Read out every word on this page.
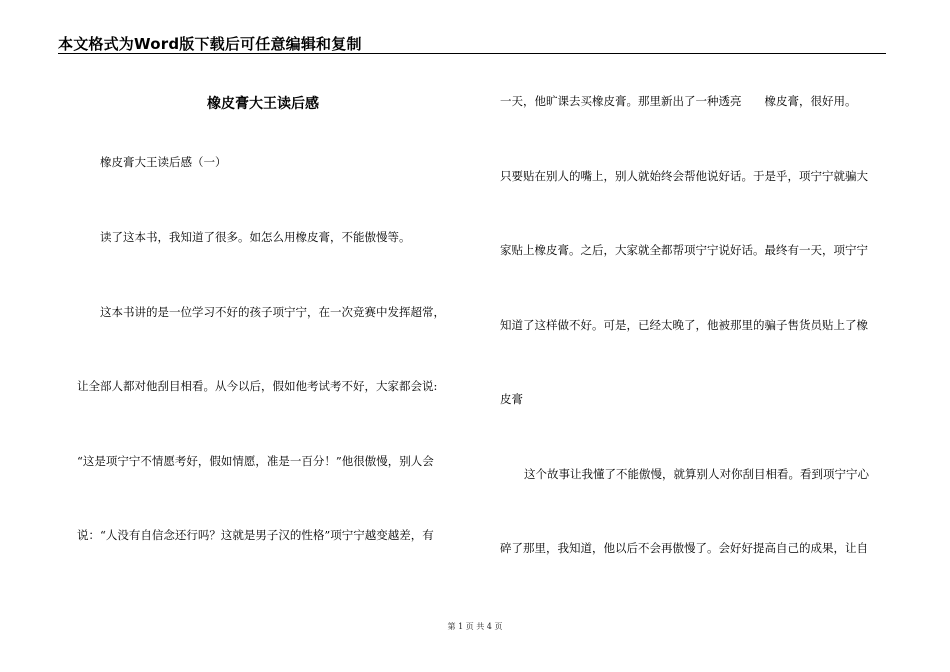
本文格式为Word版下载后可任意编辑和复制
橡皮膏大王读后感
橡皮膏大王读后感（一）
读了这本书，我知道了很多。如怎么用橡皮膏，不能傲慢等。
这本书讲的是一位学习不好的孩子项宁宁，在一次竞赛中发挥超常，
让全部人都对他刮目相看。从今以后，假如他考试考不好，大家都会说:
“这是项宁宁不情愿考好，假如情愿，准是一百分！”他很傲慢，别人会
说：“人没有自信念还行吗？这就是男子汉的性格”项宁宁越变越差，有
一天，他旷课去买橡皮膏。那里新出了一种透亮　　橡皮膏，很好用。
只要贴在别人的嘴上，别人就始终会帮他说好话。于是乎，项宁宁就骗大
家贴上橡皮膏。之后，大家就全都帮项宁宁说好话。最终有一天，项宁宁
知道了这样做不好。可是，已经太晚了，他被那里的骗子售货员贴上了橡
皮膏
这个故事让我懂了不能傲慢，就算别人对你刮目相看。看到项宁宁心
碎了那里，我知道，他以后不会再傲慢了。会好好提高自己的成果，让自
第 1 页 共 4 页
